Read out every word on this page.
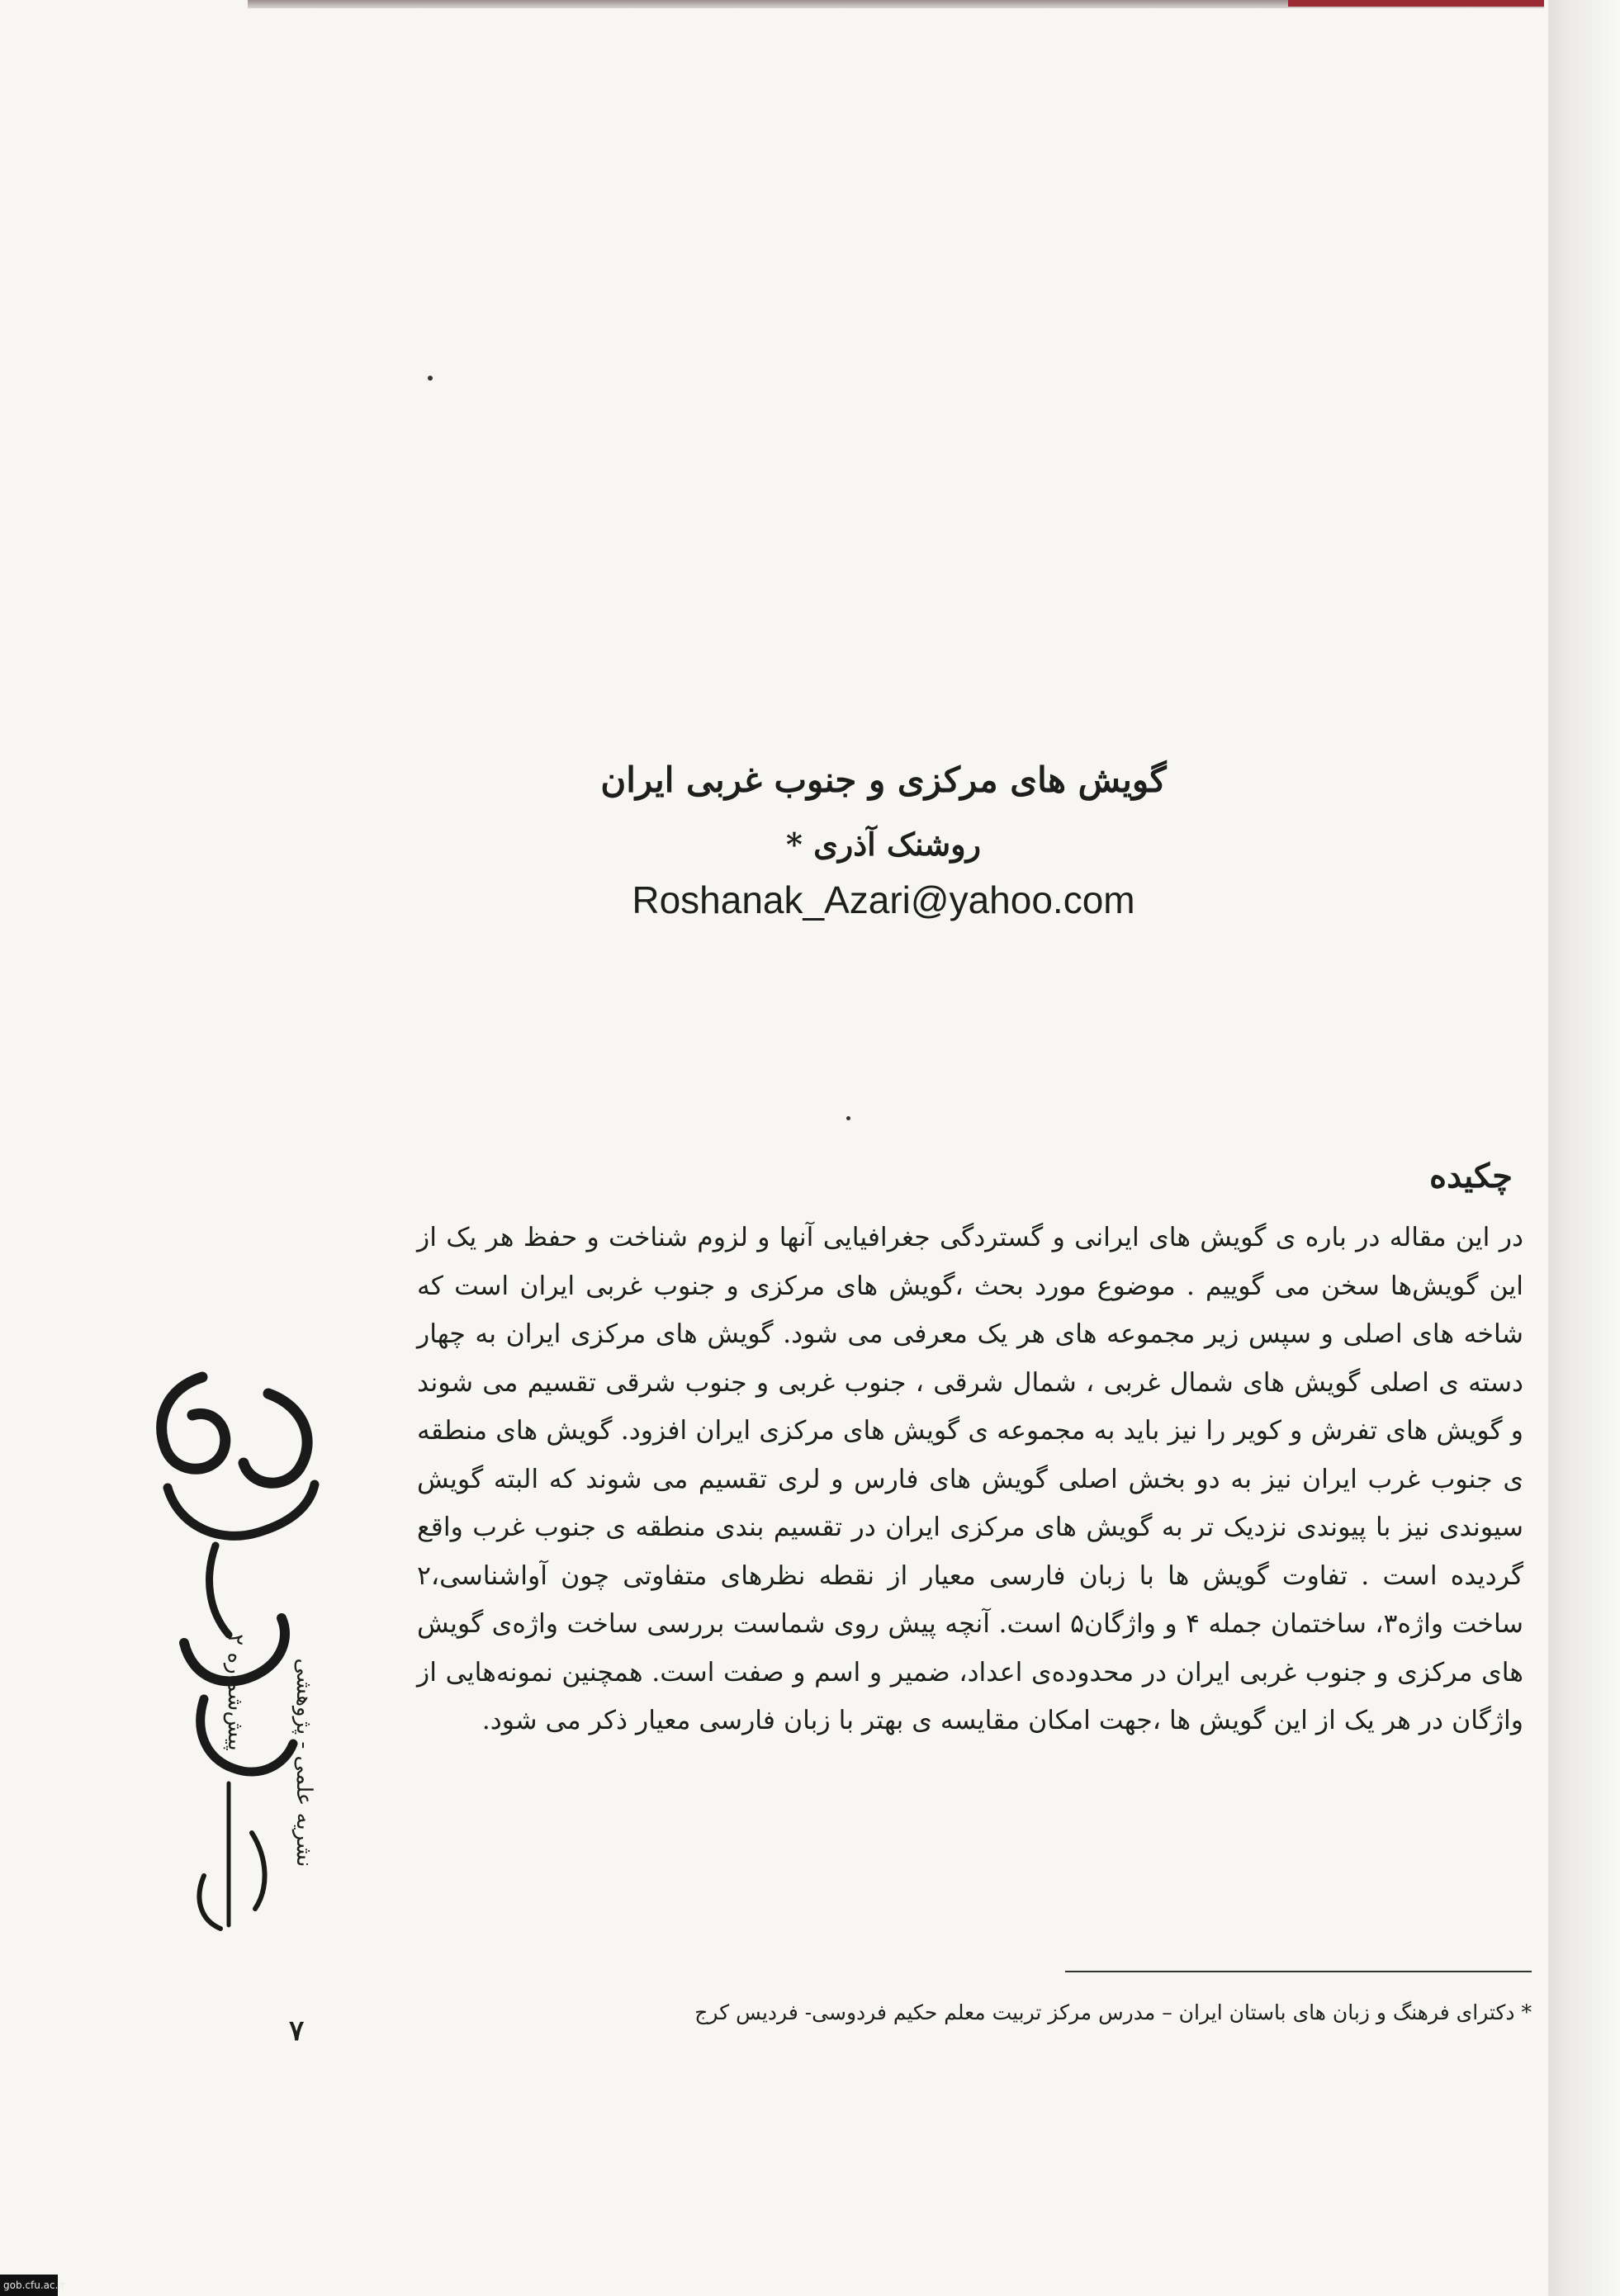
گویش های مرکزی و جنوب غربی ایران
روشنک آذری *
Roshanak_Azari@yahoo.com
چکیده

در این مقاله در باره ی گویش های ایرانی و گستردگی جغرافیایی آنها و لزوم شناخت و حفظ هر یک از این گویش‌ها سخن می گوییم . موضوع مورد بحث ،گویش های مرکزی و جنوب غربی ایران است که شاخه های اصلی و سپس زیر مجموعه های هر یک معرفی می شود. گویش های مرکزی ایران به چهار دسته ی اصلی گویش های شمال غربی ، شمال شرقی ، جنوب غربی و جنوب شرقی تقسیم می شوند و گویش های تفرش و کویر را نیز باید به مجموعه ی گویش های مرکزی ایران افزود. گویش های منطقه ی جنوب غرب ایران نیز به دو بخش اصلی گویش های فارس و لری تقسیم می شوند که البته گویش سیوندی نیز با پیوندی نزدیک تر به گویش های مرکزی ایران در تقسیم بندی منطقه ی جنوب غرب واقع گردیده است . تفاوت گویش ها با زبان فارسی معیار از نقطه نظرهای متفاوتی چون آواشناسی،۲ ساخت واژه۳، ساختمان جمله ۴ و واژگان۵ است. آنچه پیش روی شماست بررسی ساخت واژه‌ی گویش های مرکزی و جنوب غربی ایران در محدوده‌ی اعداد، ضمیر و اسم و صفت است. همچنین نمونه‌هایی از واژگان در هر یک از این گویش ها ،جهت امکان مقایسه ی بهتر با زبان فارسی معیار ذکر می شود.

* دکترای فرهنگ و زبان های باستان ایران – مدرس مرکز تربیت معلم حکیم فردوسی- فردیس کرج
پیش‌شماره ۲ نشریه علمی - پژوهشی
۷
gob.cfu.ac.ir
